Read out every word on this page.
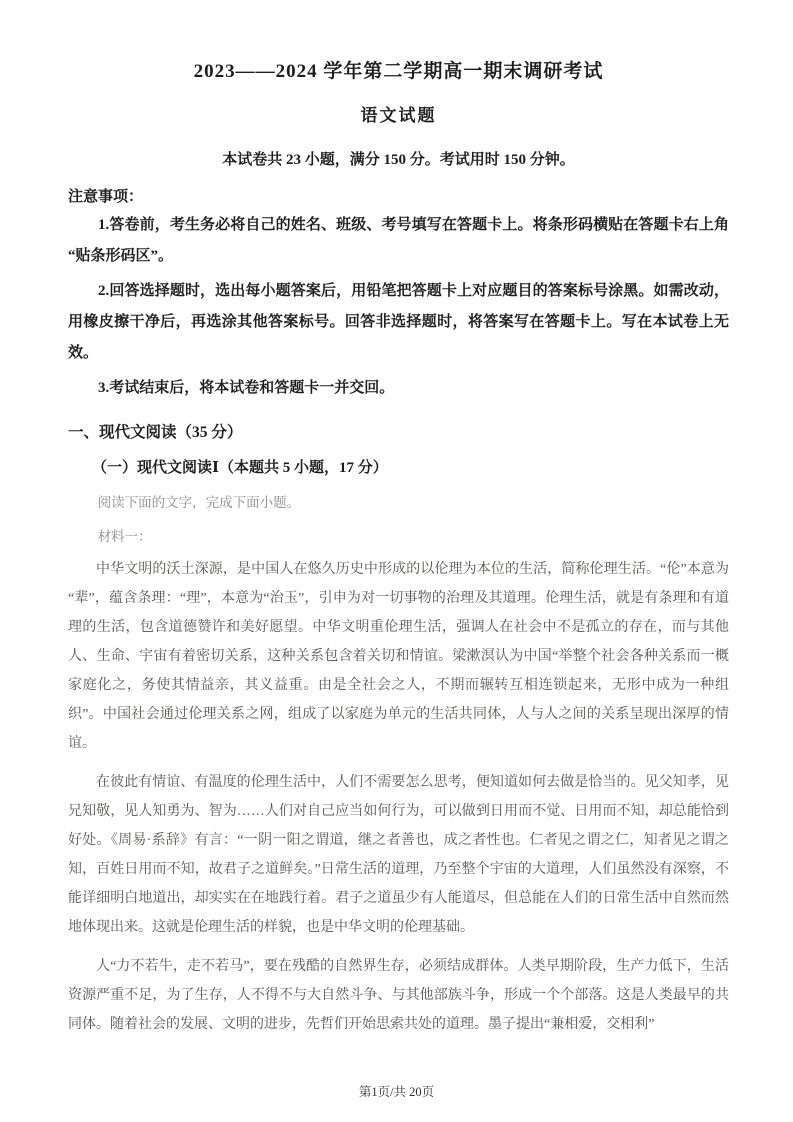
2023——2024 学年第二学期高一期末调研考试
语文试题
本试卷共 23 小题，满分 150 分。考试用时 150 分钟。
注意事项：
1.答卷前，考生务必将自己的姓名、班级、考号填写在答题卡上。将条形码横贴在答题卡右上角“贴条形码区”。
2.回答选择题时，选出每小题答案后，用铅笔把答题卡上对应题目的答案标号涂黑。如需改动，用橡皮擦干净后，再选涂其他答案标号。回答非选择题时，将答案写在答题卡上。写在本试卷上无效。
3.考试结束后，将本试卷和答题卡一并交回。
一、现代文阅读（35 分）
（一）现代文阅读Ⅰ（本题共 5 小题，17 分）
阅读下面的文字，完成下面小题。
材料一：
中华文明的沃土深源，是中国人在悠久历史中形成的以伦理为本位的生活，简称伦理生活。“伦”本意为“辈”，蕴含条理：“理”，本意为“治玉”，引申为对一切事物的治理及其道理。伦理生活，就是有条理和有道理的生活，包含道德赞许和美好愿望。中华文明重伦理生活，强调人在社会中不是孤立的存在，而与其他人、生命、宇宙有着密切关系，这种关系包含着关切和情谊。梁漱溟认为中国“举整个社会各种关系而一概家庭化之，务使其情益亲，其义益重。由是全社会之人，不期而辗转互相连锁起来，无形中成为一种组织”。中国社会通过伦理关系之网，组成了以家庭为单元的生活共同体，人与人之间的关系呈现出深厚的情谊。
在彼此有情谊、有温度的伦理生活中，人们不需要怎么思考，便知道如何去做是恰当的。见父知孝，见兄知敬，见人知勇为、智为……人们对自己应当如何行为，可以做到日用而不觉、日用而不知，却总能恰到好处。《周易·系辞》有言：“一阴一阳之谓道，继之者善也，成之者性也。仁者见之谓之仁，知者见之谓之知，百姓日用而不知，故君子之道鲜矣。”日常生活的道理，乃至整个宇宙的大道理，人们虽然没有深察，不能详细明白地道出，却实实在在地践行着。君子之道虽少有人能道尽，但总能在人们的日常生活中自然而然地体现出来。这就是伦理生活的样貌，也是中华文明的伦理基础。
人“力不若牛，走不若马”，要在残酷的自然界生存，必须结成群体。人类早期阶段，生产力低下，生活资源严重不足，为了生存，人不得不与大自然斗争、与其他部族斗争，形成一个个部落。这是人类最早的共同体。随着社会的发展、文明的进步，先哲们开始思索共处的道理。墨子提出“兼相爱，交相利”
第1页/共 20页
